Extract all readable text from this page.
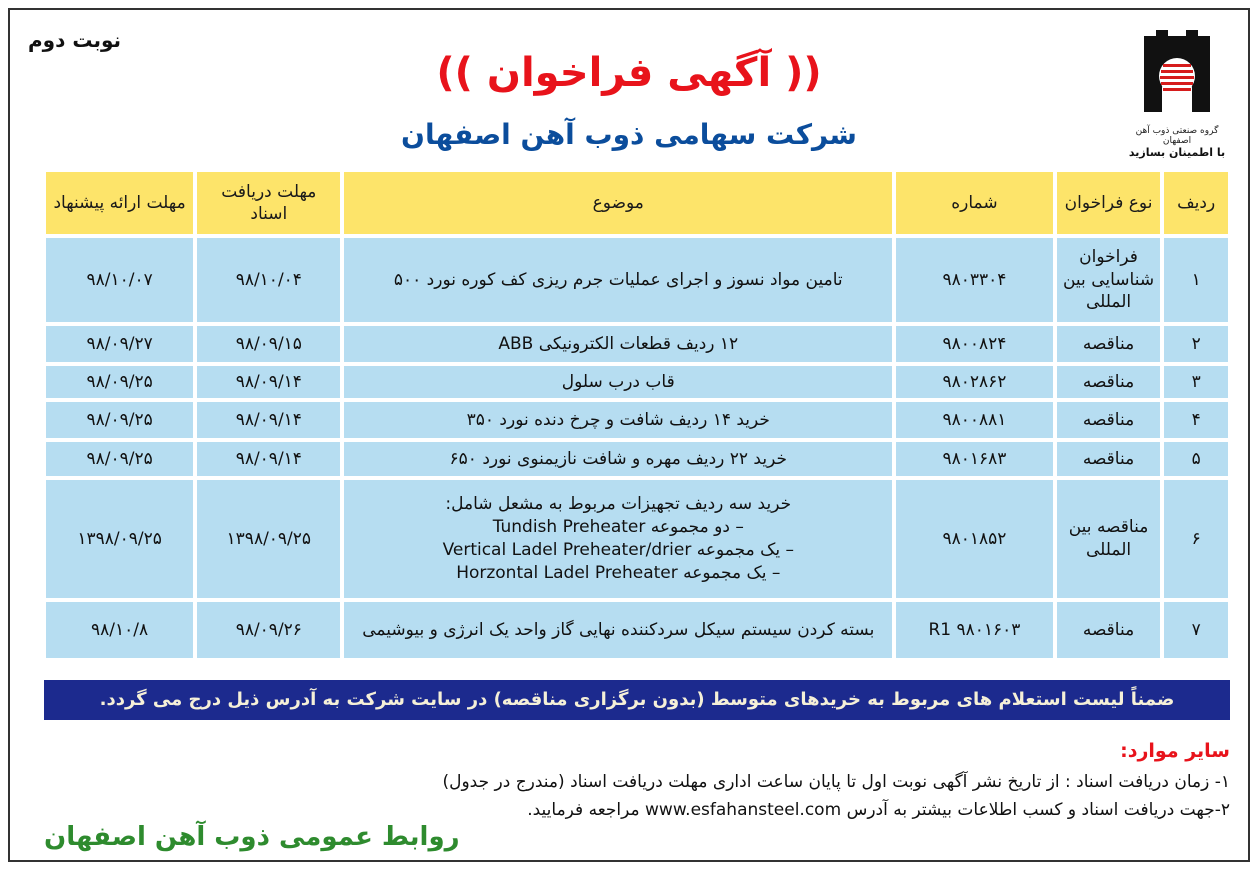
نوبت دوم
(( آگهی فراخوان ))
شرکت سهامی ذوب آهن اصفهان	گروه صنعتی ذوب آهن اصفهان
با اطمینان بسازید
ردیف	نوع فراخوان	شماره	موضوع	مهلت دریافت اسناد	مهلت ارائه پیشنهاد
۱	فراخوان شناسایی بین المللی	۹۸۰۳۳۰۴	تامین مواد نسوز و اجرای عملیات جرم ریزی کف کوره نورد ۵۰۰	۹۸/۱۰/۰۴	۹۸/۱۰/۰۷
۲	مناقصه	۹۸۰۰۸۲۴	۱۲ ردیف قطعات الکترونیکی ABB	۹۸/۰۹/۱۵	۹۸/۰۹/۲۷
۳	مناقصه	۹۸۰۲۸۶۲	قاب درب سلول	۹۸/۰۹/۱۴	۹۸/۰۹/۲۵
۴	مناقصه	۹۸۰۰۸۸۱	خرید ۱۴ ردیف شافت و چرخ دنده نورد ۳۵۰	۹۸/۰۹/۱۴	۹۸/۰۹/۲۵
۵	مناقصه	۹۸۰۱۶۸۳	خرید ۲۲ ردیف مهره و شافت نازیمنوی نورد ۶۵۰	۹۸/۰۹/۱۴	۹۸/۰۹/۲۵
۶	مناقصه بین المللی	۹۸۰۱۸۵۲	خرید سه ردیف تجهیزات مربوط به مشعل شامل:
– دو مجموعه Tundish Preheater
– یک مجموعه Vertical Ladel Preheater/drier
– یک مجموعه Horzontal Ladel Preheater	۱۳۹۸/۰۹/۲۵	۱۳۹۸/۰۹/۲۵
۷	مناقصه	۹۸۰۱۶۰۳ R1	بسته کردن سیستم سیکل سردکننده نهایی گاز واحد یک انرژی و بیوشیمی	۹۸/۰۹/۲۶	۹۸/۱۰/۸
ضمناً لیست استعلام های مربوط به خریدهای متوسط (بدون برگزاری مناقصه) در سایت شرکت به آدرس ذیل درج می گردد.
سایر موارد:
۱- زمان دریافت اسناد : از تاریخ نشر آگهی نوبت اول تا پایان ساعت اداری مهلت دریافت اسناد (مندرج در جدول)
۲-جهت دریافت اسناد و کسب اطلاعات بیشتر به آدرس www.esfahansteel.com مراجعه فرمایید.
روابط عمومی ذوب آهن اصفهان
